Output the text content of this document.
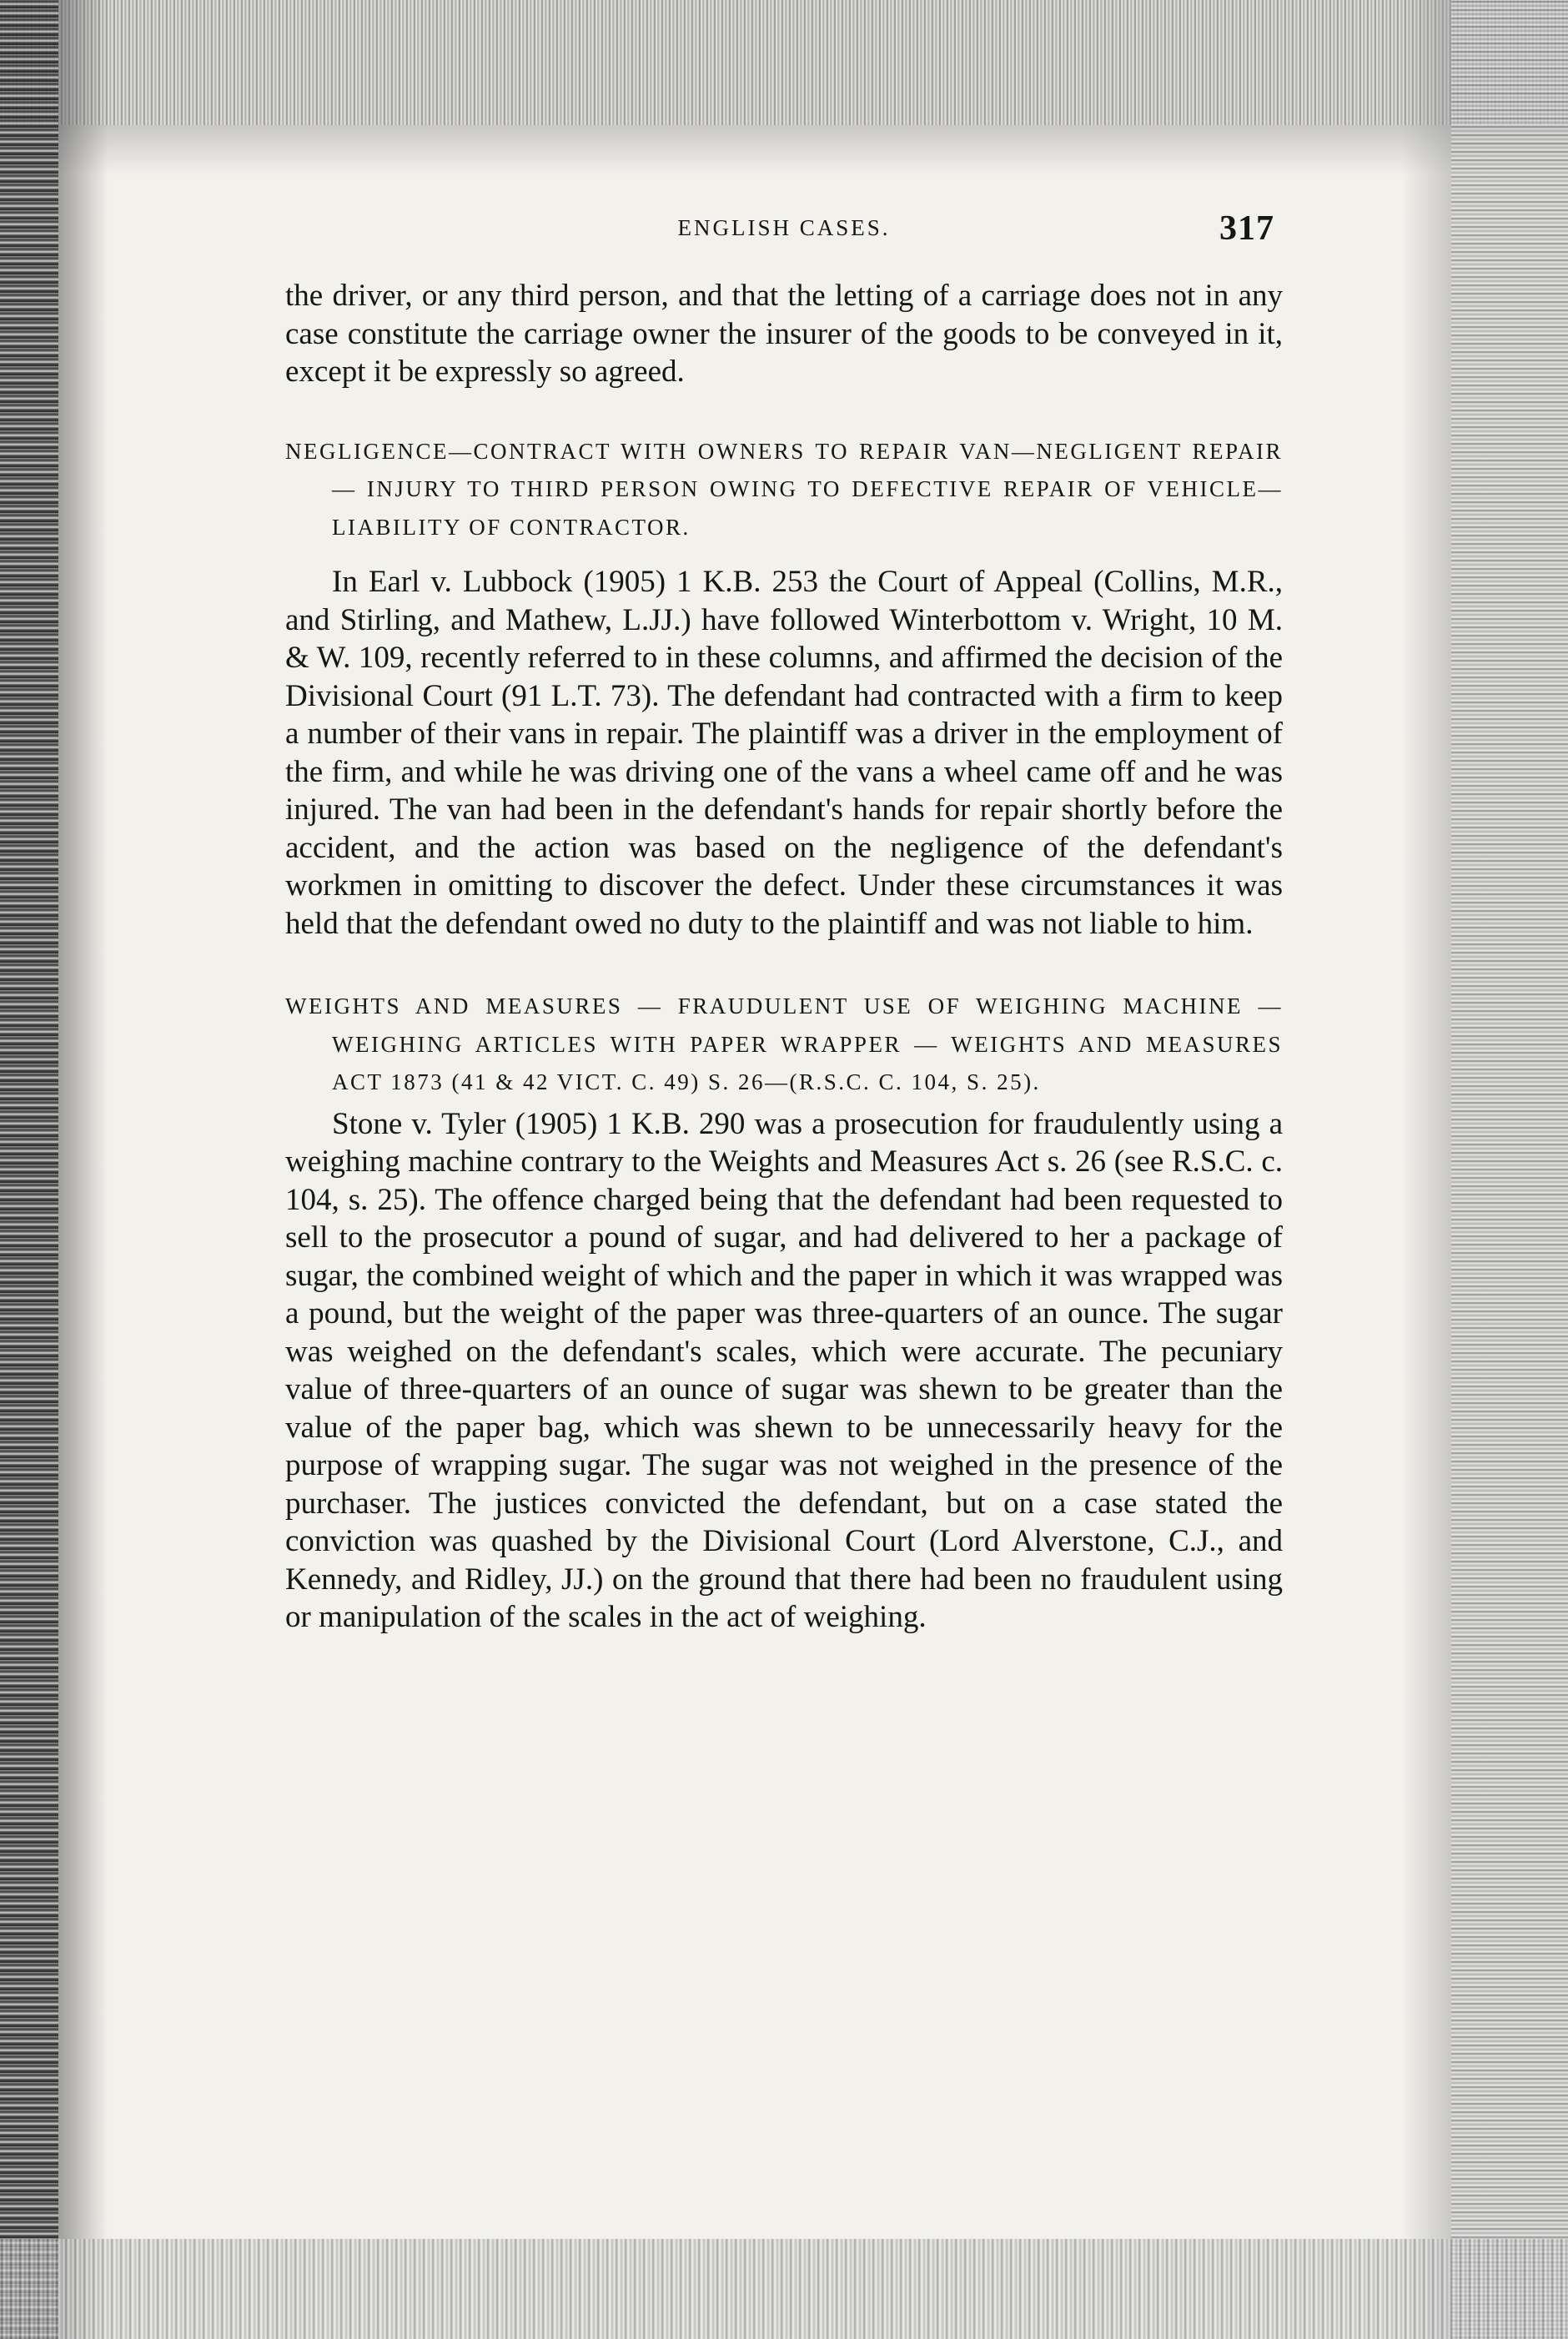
ENGLISH CASES.	317

the driver, or any third person, and that the letting of a carriage does not in any case constitute the carriage owner the insurer of the goods to be conveyed in it, except it be expressly so agreed.

NEGLIGENCE—CONTRACT WITH OWNERS TO REPAIR VAN—NEGLIGENT REPAIR — INJURY TO THIRD PERSON OWING TO DEFECTIVE REPAIR OF VEHICLE—LIABILITY OF CONTRACTOR.

In Earl v. Lubbock (1905) 1 K.B. 253 the Court of Appeal (Collins, M.R., and Stirling, and Mathew, L.JJ.) have followed Winterbottom v. Wright, 10 M. & W. 109, recently referred to in these columns, and affirmed the decision of the Divisional Court (91 L.T. 73). The defendant had contracted with a firm to keep a number of their vans in repair. The plaintiff was a driver in the employment of the firm, and while he was driving one of the vans a wheel came off and he was injured. The van had been in the defendant's hands for repair shortly before the accident, and the action was based on the negligence of the defendant's workmen in omitting to discover the defect. Under these circumstances it was held that the defendant owed no duty to the plaintiff and was not liable to him.

WEIGHTS AND MEASURES — FRAUDULENT USE OF WEIGHING MACHINE — WEIGHING ARTICLES WITH PAPER WRAPPER — WEIGHTS AND MEASURES ACT 1873 (41 & 42 VICT. C. 49) S. 26—(R.S.C. C. 104, S. 25).

Stone v. Tyler (1905) 1 K.B. 290 was a prosecution for fraudulently using a weighing machine contrary to the Weights and Measures Act s. 26 (see R.S.C. c. 104, s. 25). The offence charged being that the defendant had been requested to sell to the prosecutor a pound of sugar, and had delivered to her a package of sugar, the combined weight of which and the paper in which it was wrapped was a pound, but the weight of the paper was three-quarters of an ounce. The sugar was weighed on the defendant's scales, which were accurate. The pecuniary value of three-quarters of an ounce of sugar was shewn to be greater than the value of the paper bag, which was shewn to be unnecessarily heavy for the purpose of wrapping sugar. The sugar was not weighed in the presence of the purchaser. The justices convicted the defendant, but on a case stated the conviction was quashed by the Divisional Court (Lord Alverstone, C.J., and Kennedy, and Ridley, JJ.) on the ground that there had been no fraudulent using or manipulation of the scales in the act of weighing.
